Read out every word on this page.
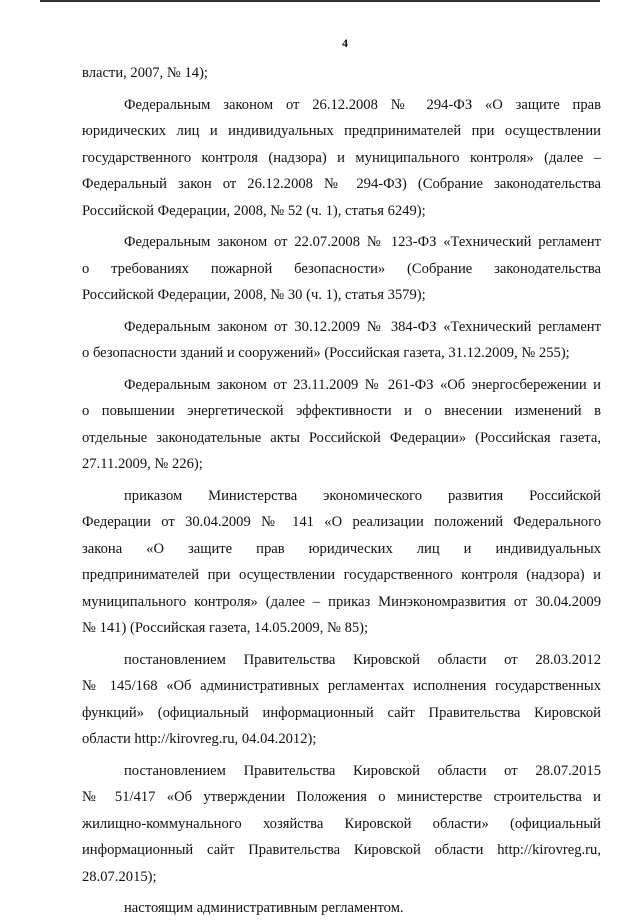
4
власти, 2007, № 14);
Федеральным законом от 26.12.2008 № 294-ФЗ «О защите прав
юридических лиц и индивидуальных предпринимателей при осуществлении
государственного контроля (надзора) и муниципального контроля» (далее –
Федеральный закон от 26.12.2008 № 294-ФЗ) (Собрание законодательства
Российской Федерации, 2008, № 52 (ч. 1), статья 6249);
Федеральным законом от 22.07.2008 № 123-ФЗ «Технический регламент
о требованиях пожарной безопасности» (Собрание законодательства
Российской Федерации, 2008, № 30 (ч. 1), статья 3579);
Федеральным законом от 30.12.2009 № 384-ФЗ «Технический регламент
о безопасности зданий и сооружений» (Российская газета, 31.12.2009, № 255);
Федеральным законом от 23.11.2009 № 261-ФЗ «Об энергосбережении и
о повышении энергетической эффективности и о внесении изменений в
отдельные законодательные акты Российской Федерации» (Российская газета,
27.11.2009, № 226);
приказом Министерства экономического развития Российской
Федерации от 30.04.2009 № 141 «О реализации положений Федерального
закона «О защите прав юридических лиц и индивидуальных
предпринимателей при осуществлении государственного контроля (надзора) и
муниципального контроля» (далее – приказ Минэкономразвития от 30.04.2009
№ 141) (Российская газета, 14.05.2009, № 85);
постановлением Правительства Кировской области от 28.03.2012
№ 145/168 «Об административных регламентах исполнения государственных
функций» (официальный информационный сайт Правительства Кировской
области http://kirovreg.ru, 04.04.2012);
постановлением Правительства Кировской области от 28.07.2015
№ 51/417 «Об утверждении Положения о министерстве строительства и
жилищно-коммунального хозяйства Кировской области» (официальный
информационный сайт Правительства Кировской области http://kirovreg.ru,
28.07.2015);
настоящим административным регламентом.
